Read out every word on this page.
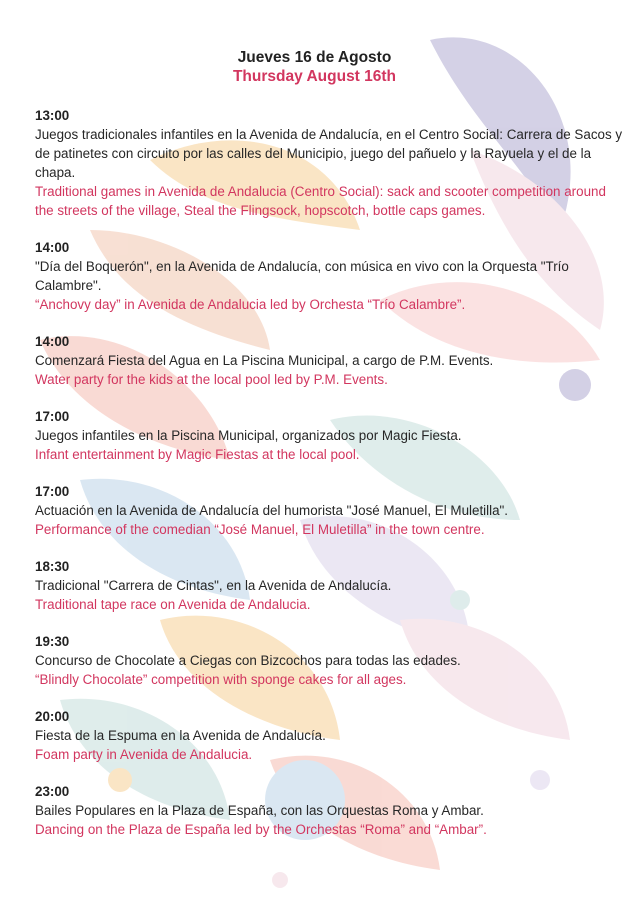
Jueves 16 de Agosto
Thursday August 16th
13:00
Juegos tradicionales infantiles en la Avenida de Andalucía, en el Centro Social: Carrera de Sacos y de patinetes con circuito por las calles del Municipio, juego del pañuelo y la Rayuela y el de la chapa.
Traditional games in Avenida de Andalucia (Centro Social): sack and scooter competition around the streets of the village, Steal the Flingsock, hopscotch, bottle caps games.
14:00
"Día del Boquerón", en la Avenida de Andalucía, con música en vivo con la Orquesta "Trío Calambre".
“Anchovy day” in Avenida de Andalucia led by Orchesta “Trío Calambre”.
14:00
Comenzará Fiesta del Agua en La Piscina Municipal, a cargo de P.M. Events.
Water party for the kids at the local pool led by P.M. Events.
17:00
Juegos infantiles en la Piscina Municipal, organizados por Magic Fiesta.
Infant entertainment by Magic Fiestas at the local pool.
17:00
Actuación en la Avenida de Andalucía del humorista "José Manuel, El Muletilla".
Performance of the comedian “José Manuel, El Muletilla” in the town centre.
18:30
Tradicional "Carrera de Cintas", en la Avenida de Andalucía.
Traditional tape race on Avenida de Andalucia.
19:30
Concurso de Chocolate a Ciegas con Bizcochos para todas las edades.
“Blindly Chocolate” competition with sponge cakes for all ages.
20:00
Fiesta de la Espuma en la Avenida de Andalucía.
Foam party in Avenida de Andalucia.
23:00
Bailes Populares en la Plaza de España, con las Orquestas Roma y Ambar.
Dancing on the Plaza de España led by the Orchestas “Roma” and “Ambar”.
